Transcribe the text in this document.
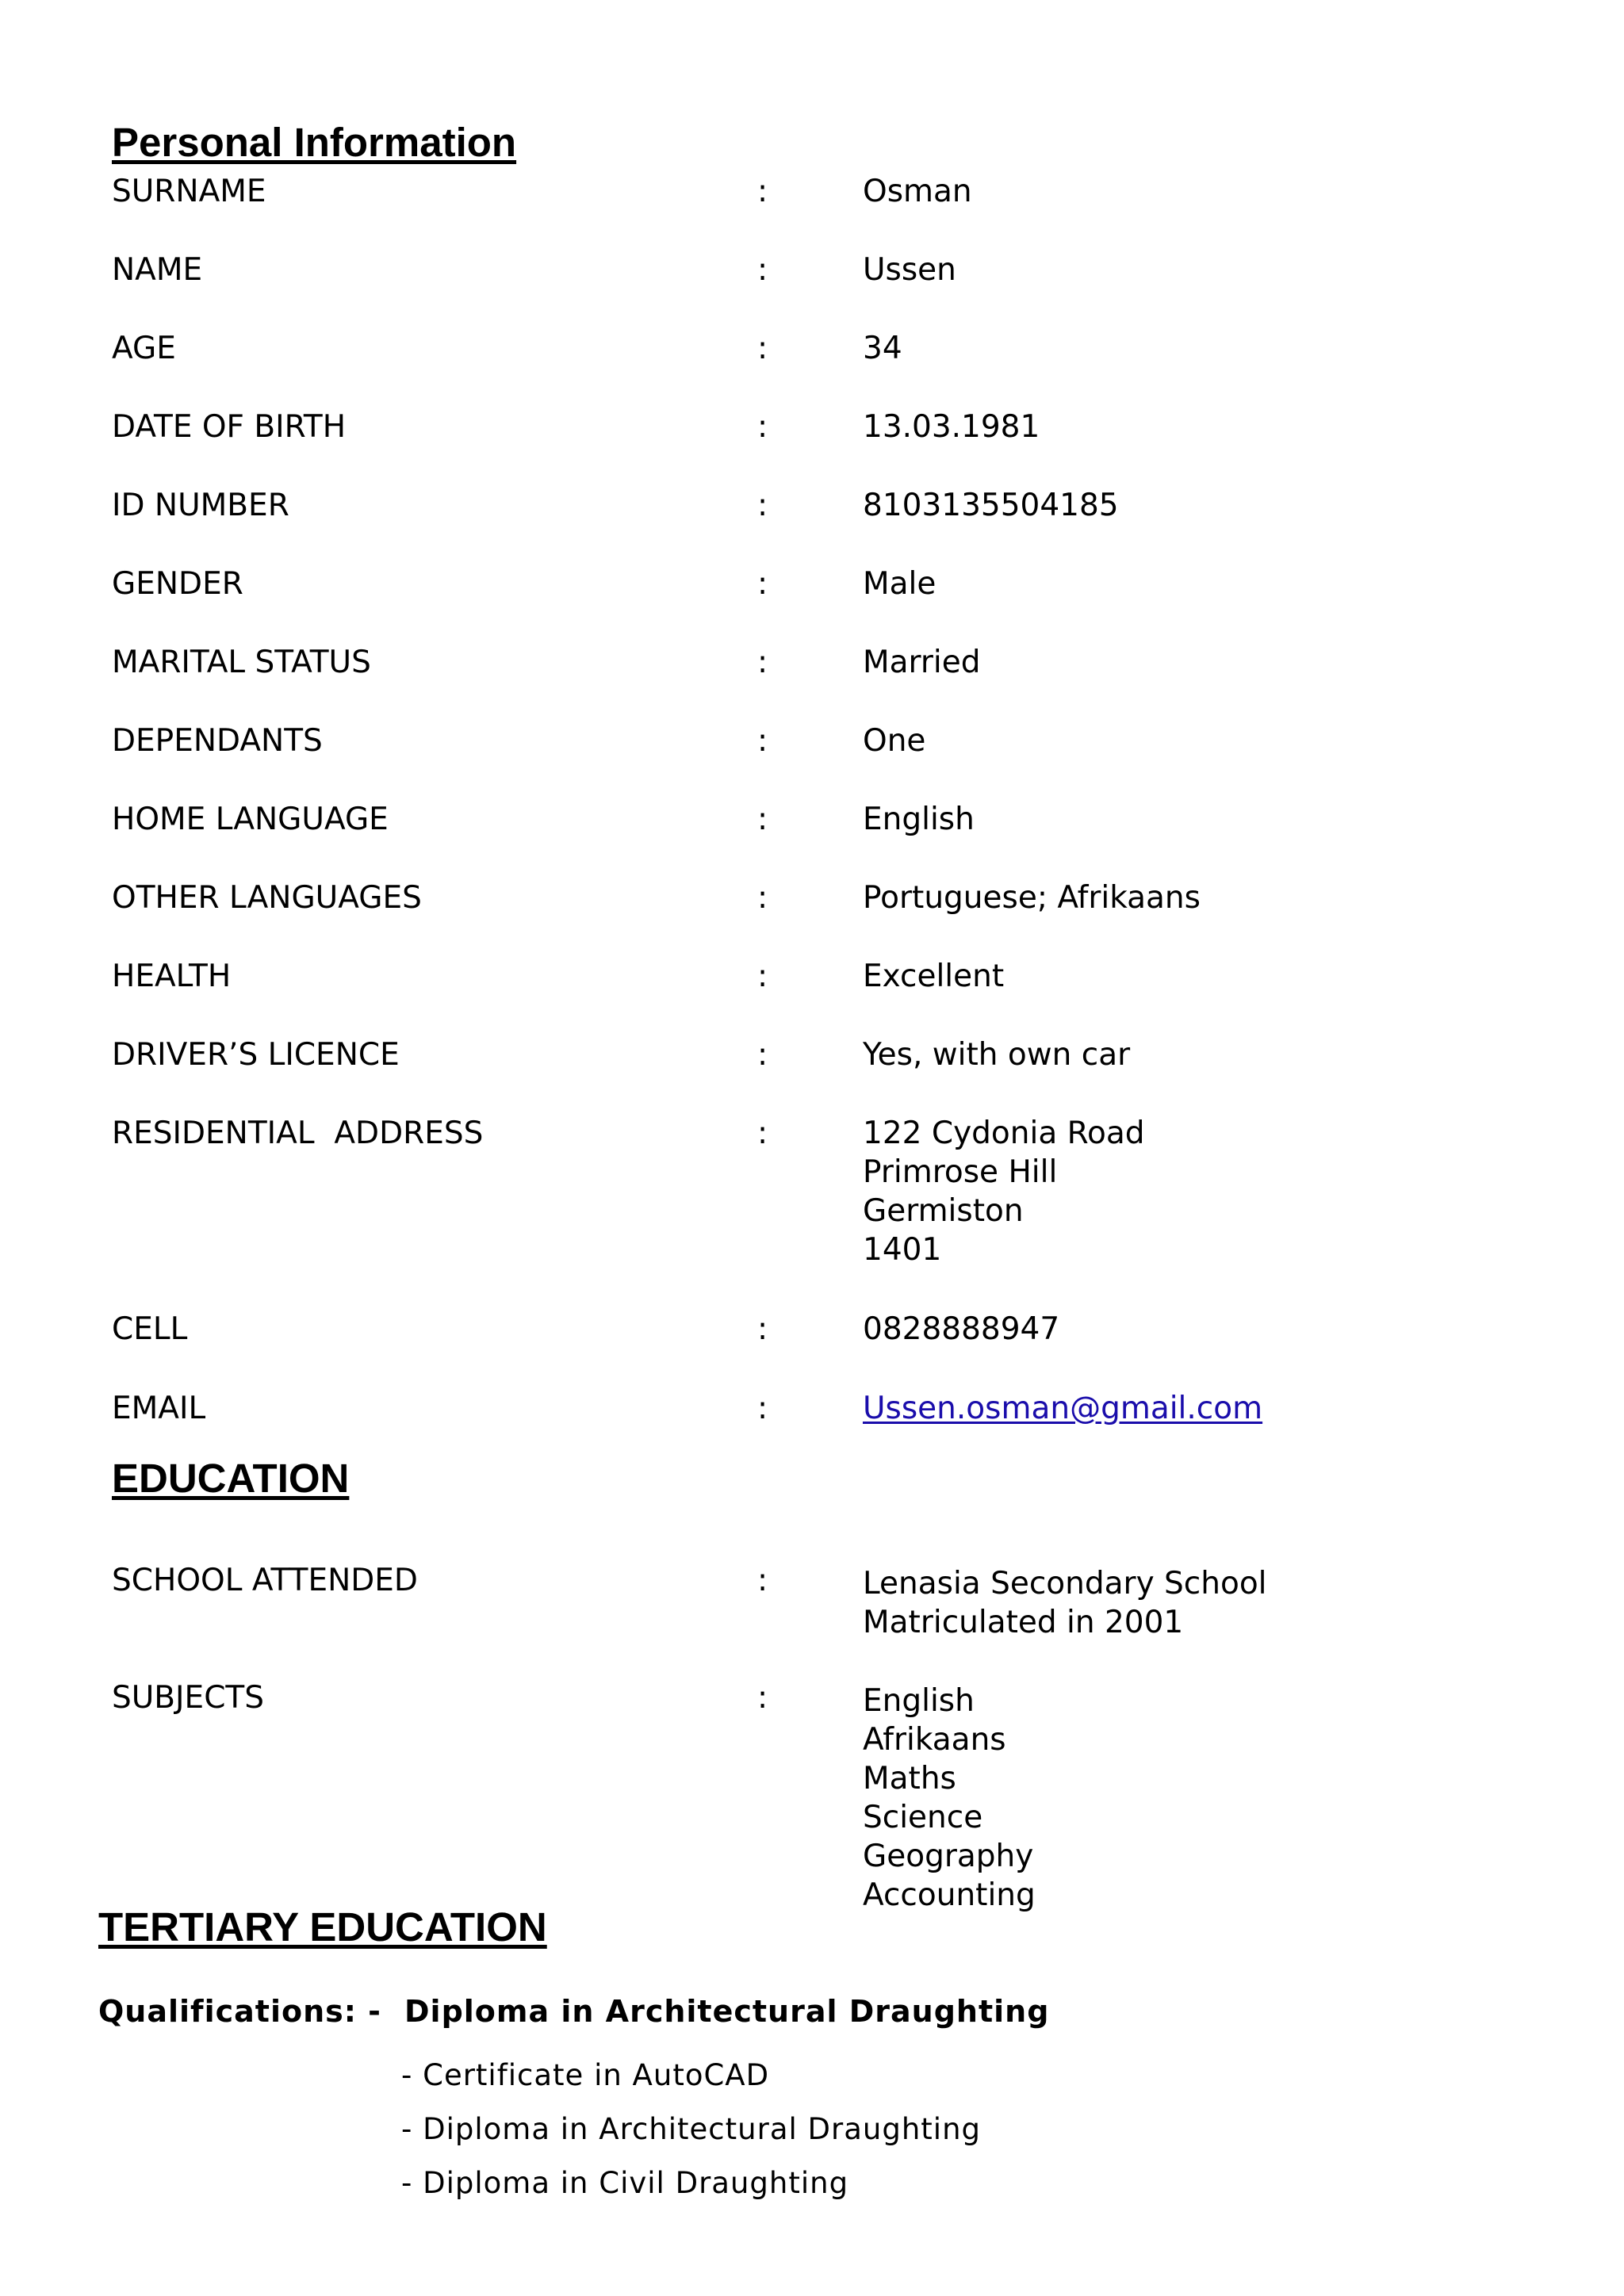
Personal Information
SURNAME	:	Osman
NAME	:	Ussen
AGE	:	34
DATE OF BIRTH	:	13.03.1981
ID NUMBER	:	8103135504185
GENDER	:	Male
MARITAL STATUS	:	Married
DEPENDANTS	:	One
HOME LANGUAGE	:	English
OTHER LANGUAGES	:	Portuguese; Afrikaans
HEALTH	:	Excellent
DRIVER’S LICENCE	:	Yes, with own car
RESIDENTIAL  ADDRESS	:	122 Cydonia Road
Primrose Hill
Germiston
1401
CELL	:	0828888947
EMAIL	:	Ussen.osman@gmail.com
EDUCATION
SCHOOL ATTENDED	:	Lenasia Secondary School
Matriculated in 2001
SUBJECTS	:	English
Afrikaans
Maths
Science
Geography
Accounting
TERTIARY EDUCATION
Qualifications: - Diploma in Architectural Draughting
- Certificate in AutoCAD
- Diploma in Architectural Draughting
- Diploma in Civil Draughting
